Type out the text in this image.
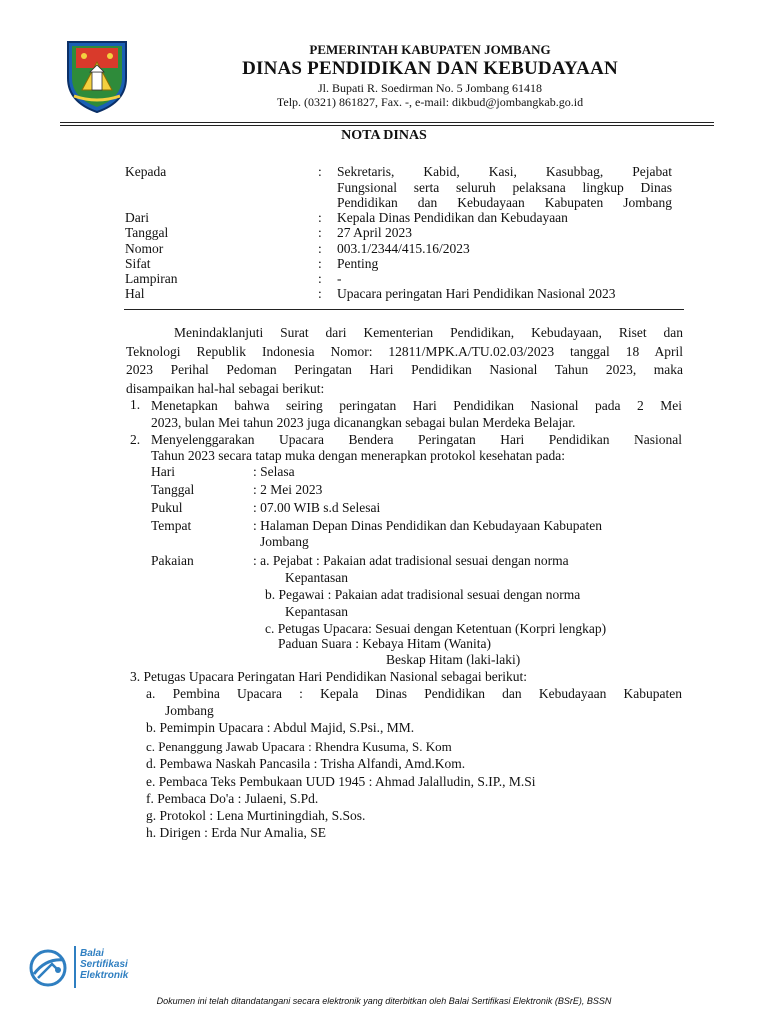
PEMERINTAH KABUPATEN JOMBANG
DINAS PENDIDIKAN DAN KEBUDAYAAN
Jl. Bupati R. Soedirman No. 5 Jombang 61418
Telp. (0321) 861827, Fax. -, e-mail: dikbud@jombangkab.go.id
NOTA DINAS
Kepada	: Sekretaris, Kabid, Kasi, Kasubbag, Pejabat
Fungsional serta seluruh pelaksana lingkup Dinas
Pendidikan dan Kebudayaan Kabupaten Jombang
Dari	: Kepala Dinas Pendidikan dan Kebudayaan
Tanggal	: 27 April 2023
Nomor	: 003.1/2344/415.16/2023
Sifat	: Penting
Lampiran	: -
Hal	: Upacara peringatan Hari Pendidikan Nasional 2023
Menindaklanjuti Surat dari Kementerian Pendidikan, Kebudayaan, Riset dan
Teknologi Republik Indonesia Nomor: 12811/MPK.A/TU.02.03/2023 tanggal 18 April
2023 Perihal Pedoman Peringatan Hari Pendidikan Nasional Tahun 2023, maka
disampaikan hal-hal sebagai berikut:
1. Menetapkan bahwa seiring peringatan Hari Pendidikan Nasional pada 2 Mei
2023, bulan Mei tahun 2023 juga dicanangkan sebagai bulan Merdeka Belajar.
2. Menyelenggarakan Upacara Bendera Peringatan Hari Pendidikan Nasional
Tahun 2023 secara tatap muka dengan menerapkan protokol kesehatan pada:
Hari	: Selasa
Tanggal	: 2 Mei 2023
Pukul	: 07.00 WIB s.d Selesai
Tempat	: Halaman Depan Dinas Pendidikan dan Kebudayaan Kabupaten
Jombang
Pakaian	: a. Pejabat : Pakaian adat tradisional sesuai dengan norma
Kepantasan
b. Pegawai : Pakaian adat tradisional sesuai dengan norma
Kepantasan
c. Petugas Upacara: Sesuai dengan Ketentuan (Korpri lengkap)
Paduan Suara : Kebaya Hitam (Wanita)
Beskap Hitam (laki-laki)
3. Petugas Upacara Peringatan Hari Pendidikan Nasional sebagai berikut:
a. Pembina Upacara : Kepala Dinas Pendidikan dan Kebudayaan Kabupaten
Jombang
b. Pemimpin Upacara : Abdul Majid, S.Psi., MM.
c. Penanggung Jawab Upacara : Rhendra Kusuma, S. Kom
d. Pembawa Naskah Pancasila : Trisha Alfandi, Amd.Kom.
e. Pembaca Teks Pembukaan UUD 1945 : Ahmad Jalalludin, S.IP., M.Si
f. Pembaca Do'a : Julaeni, S.Pd.
g. Protokol : Lena Murtiningdiah, S.Sos.
h. Dirigen : Erda Nur Amalia, SE
Balai
Sertifikasi
Elektronik
Dokumen ini telah ditandatangani secara elektronik yang diterbitkan oleh Balai Sertifikasi Elektronik (BSrE), BSSN
